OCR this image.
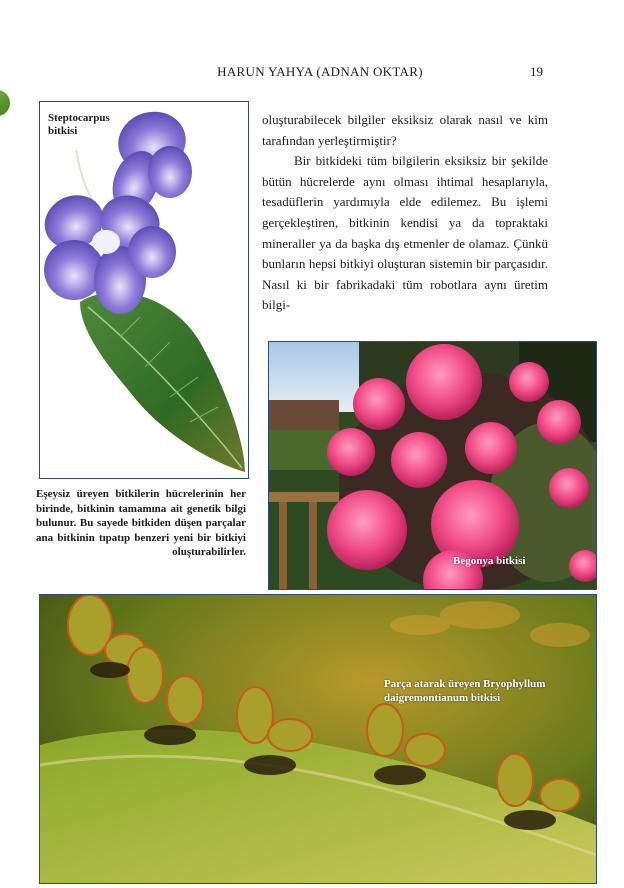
HARUN YAHYA (ADNAN OKTAR)	19
Steptocarpus bitkisi
Eşeysiz üreyen bitkilerin hücrelerinin her birinde, bitkinin tamamına ait genetik bilgi bulunur. Bu sayede bitkiden düşen parçalar ana bitkinin tıpatıp benzeri yeni bir bitkiyi oluşturabilirler.

oluşturabilecek bilgiler eksiksiz olarak nasıl ve kim tarafından yerleştirmiştir?

Bir bitkideki tüm bilgilerin eksiksiz bir şekilde bütün hücrelerde aynı olması ihtimal hesaplarıyla, tesadüflerin yardımıyla elde edilemez. Bu işlemi gerçekleştiren, bitkinin kendisi ya da topraktaki mineraller ya da başka dış etmenler de olamaz. Çünkü bunların hepsi bitkiyi oluşturan sistemin bir parçasıdır. Nasıl ki bir fabrikadaki tüm robotlara aynı üretim bilgi-

Begonya bitkisi
Parça atarak üreyen Bryophyllum daigremontianum bitkisi
